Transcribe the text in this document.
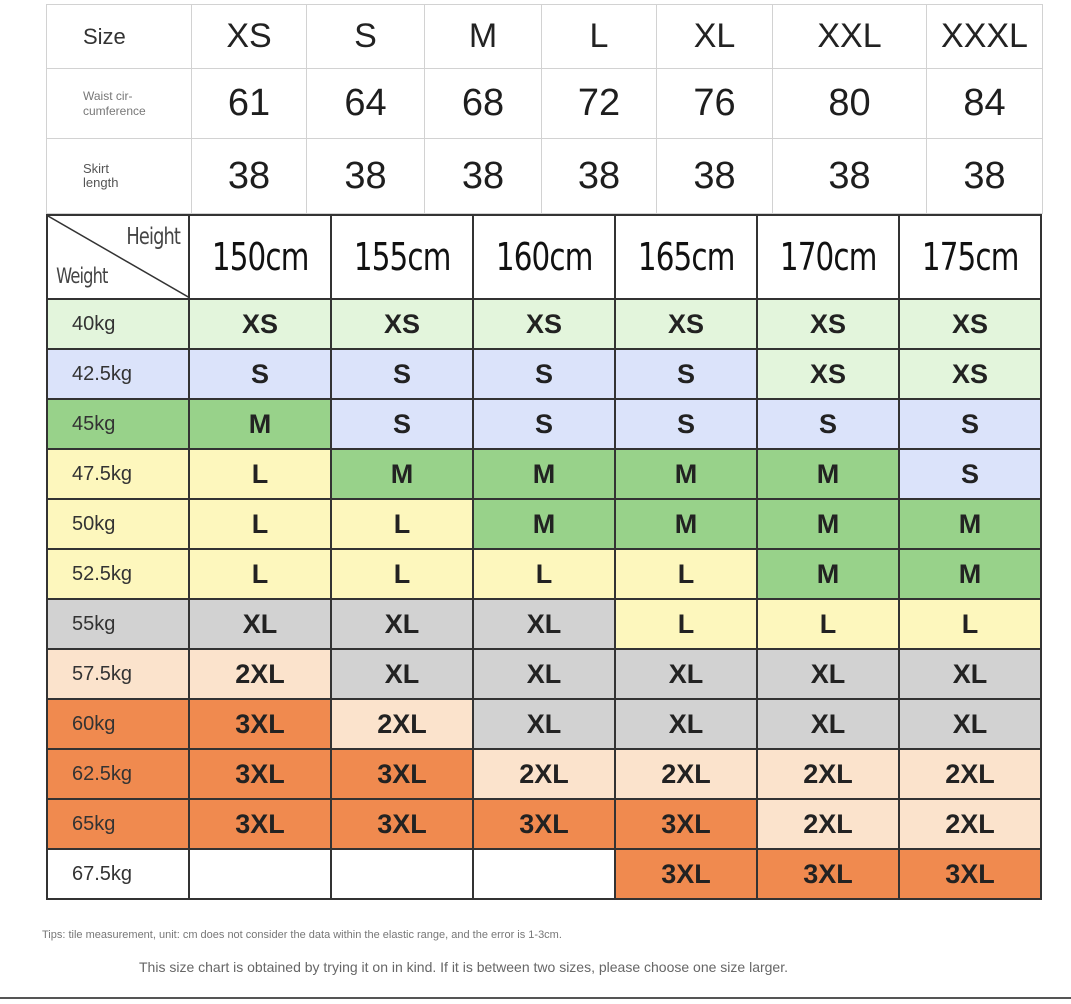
Size	XS	S	M	L	XL	XXL	XXXL

Waist cir-
cumference	61	64	68	72	76	80	84

Skirt
length	38	38	38	38	38	38	38
Height
Weight	150cm	155cm	160cm	165cm	170cm	175cm
40kg	XS	XS	XS	XS	XS	XS
42.5kg	S	S	S	S	XS	XS
45kg	M	S	S	S	S	S
47.5kg	L	M	M	M	M	S
50kg	L	L	M	M	M	M
52.5kg	L	L	L	L	M	M
55kg	XL	XL	XL	L	L	L
57.5kg	2XL	XL	XL	XL	XL	XL
60kg	3XL	2XL	XL	XL	XL	XL
62.5kg	3XL	3XL	2XL	2XL	2XL	2XL
65kg	3XL	3XL	3XL	3XL	2XL	2XL
67.5kg				3XL	3XL	3XL
Tips: tile measurement, unit: cm does not consider the data within the elastic range, and the error is 1-3cm.
This size chart is obtained by trying it on in kind. If it is between two sizes, please choose one size larger.
